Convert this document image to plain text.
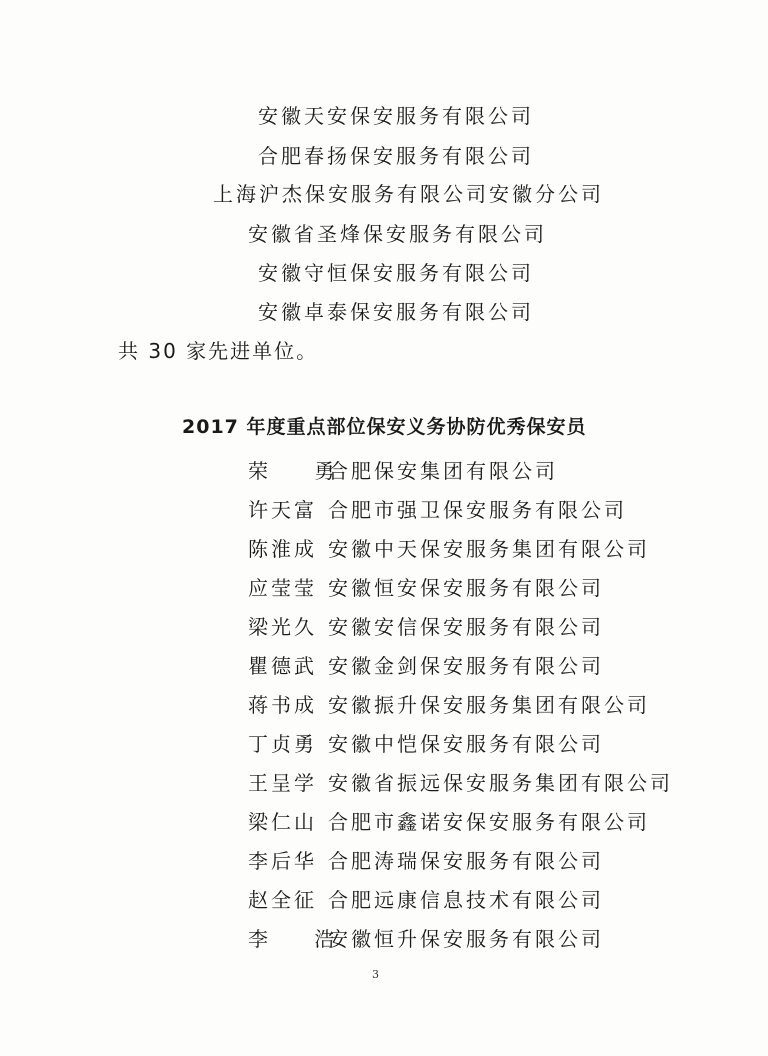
安徽天安保安服务有限公司
合肥春扬保安服务有限公司
上海沪杰保安服务有限公司安徽分公司
安徽省圣烽保安服务有限公司
安徽守恒保安服务有限公司
安徽卓泰保安服务有限公司
共 30 家先进单位。
2017 年度重点部位保安义务协防优秀保安员
荣 勇
合肥保安集团有限公司
许天富 合肥市强卫保安服务有限公司
陈淮成 安徽中天保安服务集团有限公司
应莹莹 安徽恒安保安服务有限公司
梁光久 安徽安信保安服务有限公司
瞿德武 安徽金剑保安服务有限公司
蒋书成 安徽振升保安服务集团有限公司
丁贞勇 安徽中恺保安服务有限公司
王呈学 安徽省振远保安服务集团有限公司
梁仁山 合肥市鑫诺安保安服务有限公司
李后华 合肥涛瑞保安服务有限公司
赵全征 合肥远康信息技术有限公司
李 浩
安徽恒升保安服务有限公司
3
